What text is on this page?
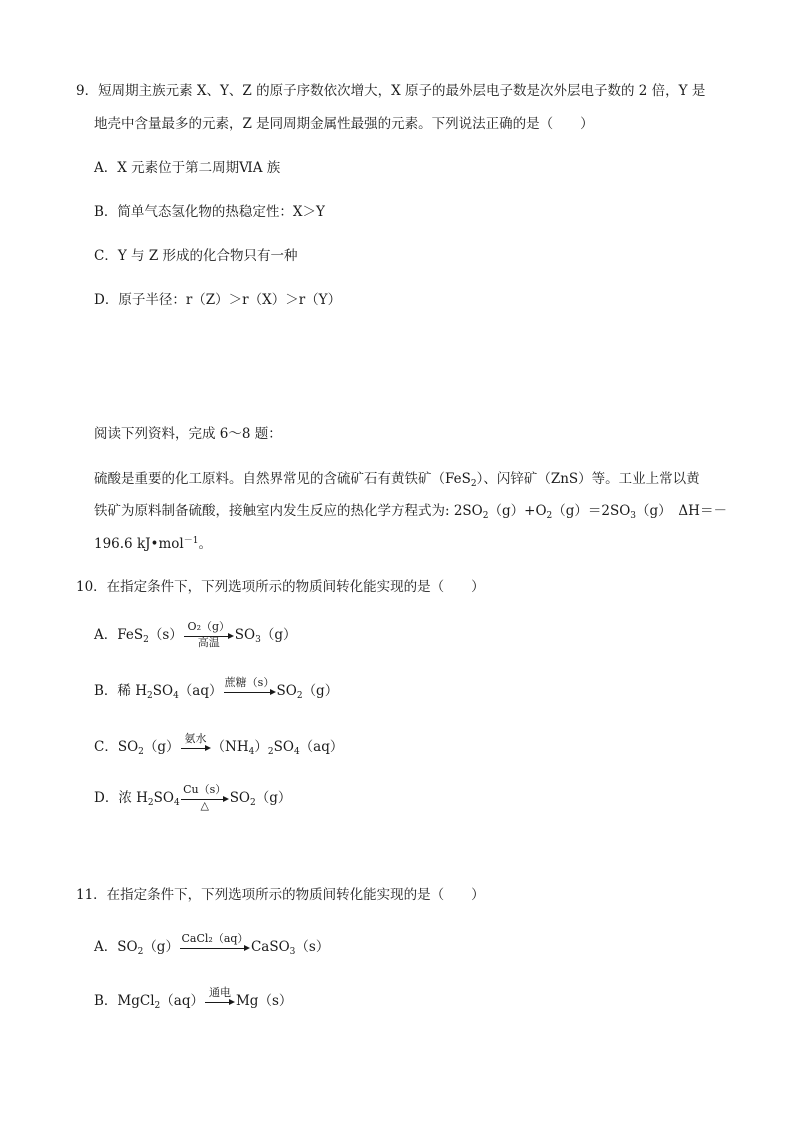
9．短周期主族元素 X、Y、Z 的原子序数依次增大，X 原子的最外层电子数是次外层电子数的 2 倍，Y 是
地壳中含量最多的元素，Z 是同周期金属性最强的元素。下列说法正确的是（　　）
A．X 元素位于第二周期ⅥA 族
B．简单气态氢化物的热稳定性：X＞Y
C．Y 与 Z 形成的化合物只有一种
D．原子半径：r（Z）＞r（X）＞r（Y）
阅读下列资料，完成 6～8 题：
硫酸是重要的化工原料。自然界常见的含硫矿石有黄铁矿（FeS$_2$）、闪锌矿（ZnS）等。工业上常以黄
铁矿为原料制备硫酸，接触室内发生反应的热化学方程式为: $2SO_2(g)+O_2(g)=2SO_3(g)$　ΔH＝－
196.6 kJ•mol$^{-1}$。
10．在指定条件下，下列选项所示的物质间转化能实现的是（　　）
A．FeS$_2$（s）
O₂（g）
高温	$SO_3(g)$
B．稀 $H_2SO_4(aq)$
蔗糖（s）
$SO_2(g)$
C．$SO_2(g)$
氨水
$(NH_4)_2SO_4(aq)$
D．浓 $H_2SO_4$
Cu（s）
△	$SO_2(g)$
11．在指定条件下，下列选项所示的物质间转化能实现的是（　　）
A．$SO_2(g)$
CaCl₂（aq）
CaSO$_3$（s）
B．MgCl$_2$（aq）
通电
Mg（s）
